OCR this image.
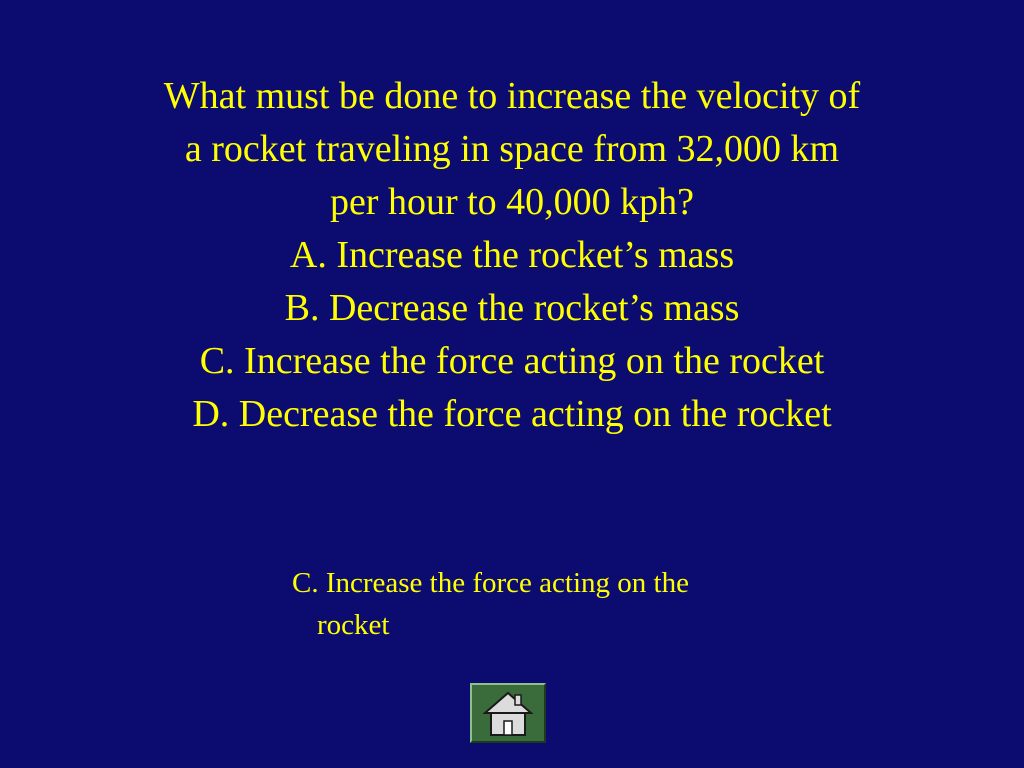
What must be done to increase the velocity of
a rocket traveling in space from 32,000 km
per hour to 40,000 kph?
A. Increase the rocket’s mass
B. Decrease the rocket’s mass
C. Increase the force acting on the rocket
D. Decrease the force acting on the rocket
C. Increase the force acting on the
rocket
